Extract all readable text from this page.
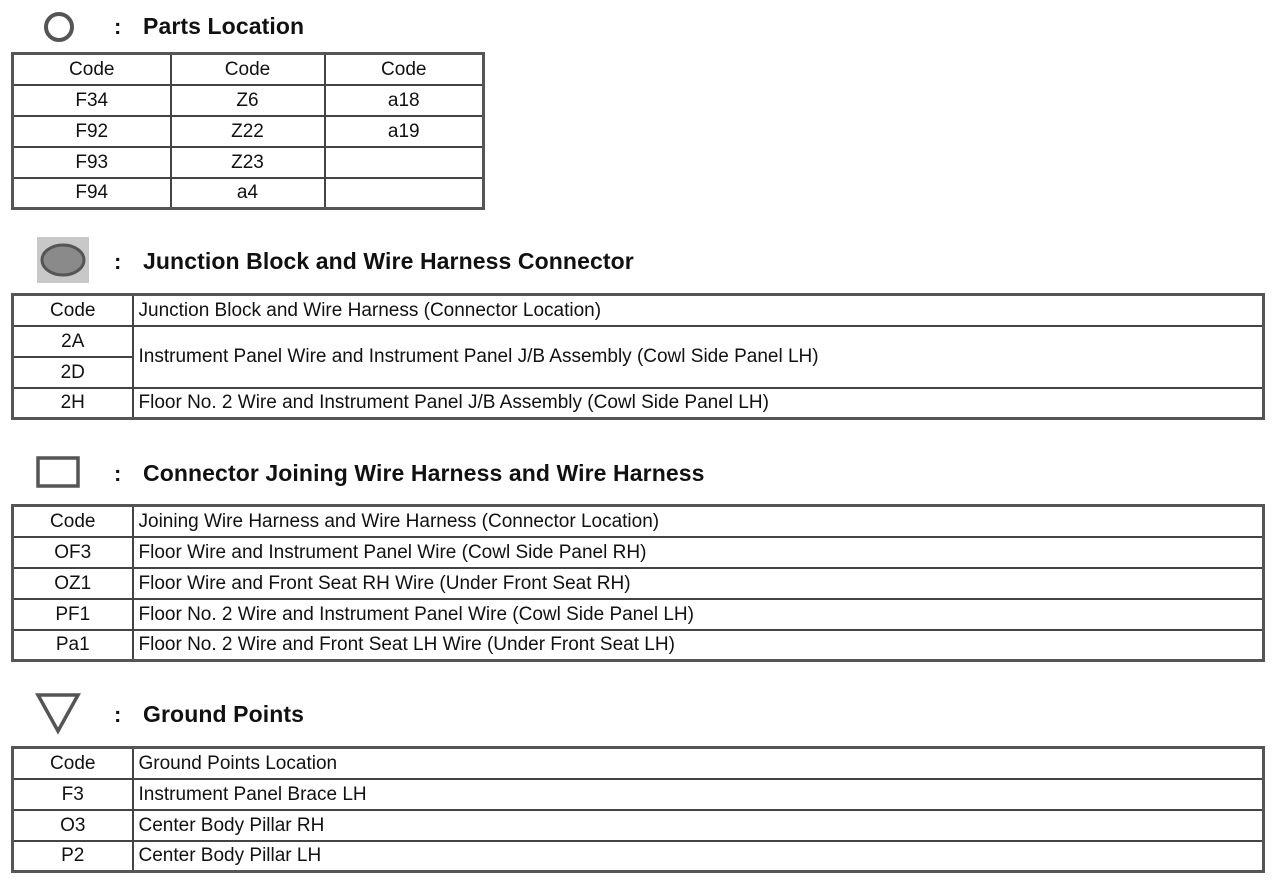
: Parts Location
Code	Code	Code
F34	Z6	a18
F92	Z22	a19
F93	Z23	
F94	a4	
: Junction Block and Wire Harness Connector
Code	Junction Block and Wire Harness (Connector Location)
2A	Instrument Panel Wire and Instrument Panel J/B Assembly (Cowl Side Panel LH)
2D	
2H	Floor No. 2 Wire and Instrument Panel J/B Assembly (Cowl Side Panel LH)
: Connector Joining Wire Harness and Wire Harness
Code	Joining Wire Harness and Wire Harness (Connector Location)
OF3	Floor Wire and Instrument Panel Wire (Cowl Side Panel RH)
OZ1	Floor Wire and Front Seat RH Wire (Under Front Seat RH)
PF1	Floor No. 2 Wire and Instrument Panel Wire (Cowl Side Panel LH)
Pa1	Floor No. 2 Wire and Front Seat LH Wire (Under Front Seat LH)
: Ground Points
Code	Ground Points Location
F3	Instrument Panel Brace LH
O3	Center Body Pillar RH
P2	Center Body Pillar LH
